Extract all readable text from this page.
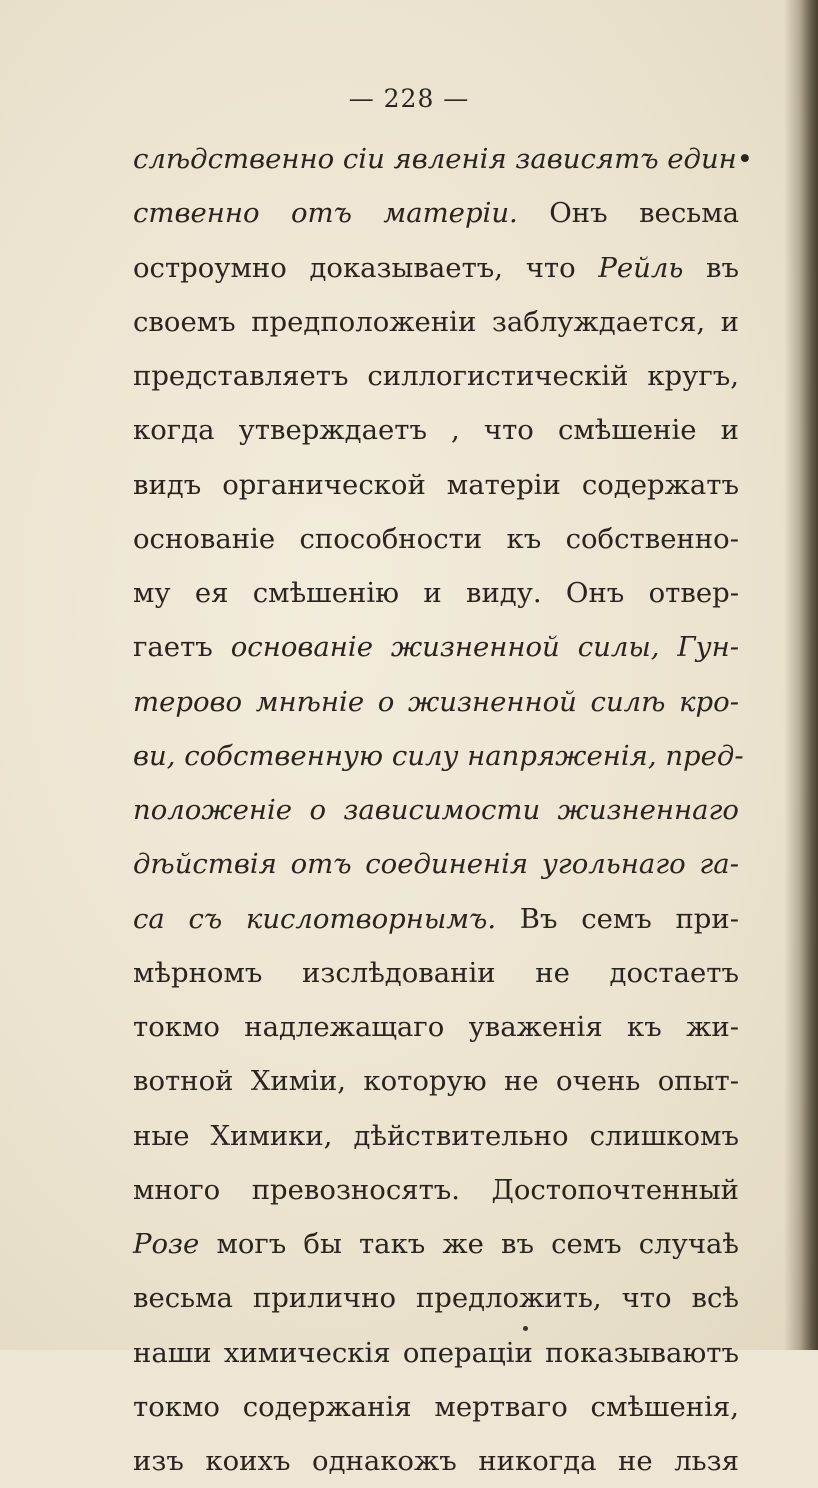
— 228 —
слѣдственно сіи явленія зависятъ един•
ственно отъ матеріи. Онъ весьма
остроумно доказываетъ, что Рейль въ
своемъ предположеніи заблуждается, и
представляетъ силлогистическій кругъ,
когда утверждаетъ , что смѣшеніе и
видъ органической матеріи содержатъ
основаніе способности къ собственно-
му ея смѣшенію и виду. Онъ отвер-
гаетъ основаніе жизненной силы, Гун-
терово мнѣніе о жизненной силѣ кро-
ви, собственную силу напряженія, пред-
положеніе о зависимости жизненнаго
дѣйствія отъ соединенія угольнаго га-
са съ кислотворнымъ. Въ семъ при-
мѣрномъ изслѣдованіи не достаетъ
токмо надлежащаго уваженія къ жи-
вотной Химіи, которую не очень опыт-
ные Химики, дѣйствительно слишкомъ
много превозносятъ. Достопочтенный
Розе могъ бы такъ же въ семъ случаѣ
весьма прилично предложить, что всѣ
наши химическія операціи показываютъ
токмо содержанія мертваго смѣшенія,
изъ коихъ однакожъ никогда не льзя
